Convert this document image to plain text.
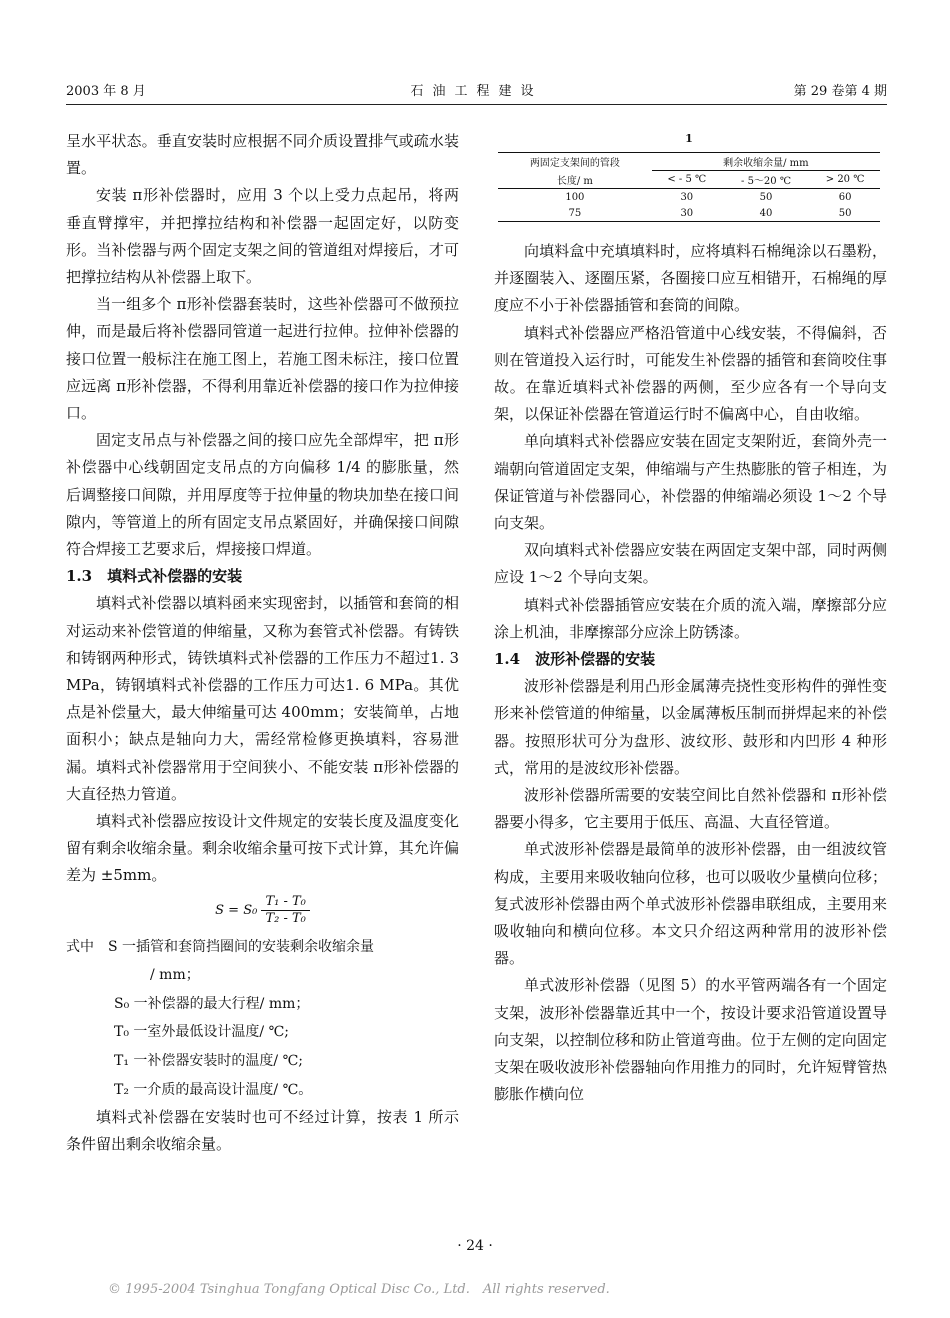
2003 年 8 月	石油工程建设	第 29 卷第 4 期

呈水平状态。垂直安装时应根据不同介质设置排气或疏水装置。

安装 п形补偿器时，应用 3 个以上受力点起吊，将两垂直臂撑牢，并把撑拉结构和补偿器一起固定好，以防变形。当补偿器与两个固定支架之间的管道组对焊接后，才可把撑拉结构从补偿器上取下。

当一组多个 п形补偿器套装时，这些补偿器可不做预拉伸，而是最后将补偿器同管道一起进行拉伸。拉伸补偿器的接口位置一般标注在施工图上，若施工图未标注，接口位置应远离 п形补偿器，不得利用靠近补偿器的接口作为拉伸接口。

固定支吊点与补偿器之间的接口应先全部焊牢，把 п形补偿器中心线朝固定支吊点的方向偏移 1/4 的膨胀量，然后调整接口间隙，并用厚度等于拉伸量的物块加垫在接口间隙内，等管道上的所有固定支吊点紧固好，并确保接口间隙符合焊接工艺要求后，焊接接口焊道。

1.3　填料式补偿器的安装

填料式补偿器以填料函来实现密封，以插管和套筒的相对运动来补偿管道的伸缩量，又称为套管式补偿器。有铸铁和铸钢两种形式，铸铁填料式补偿器的工作压力不超过1. 3 MPa，铸钢填料式补偿器的工作压力可达1. 6 MPa。其优点是补偿量大，最大伸缩量可达 400mm；安装简单，占地面积小；缺点是轴向力大，需经常检修更换填料，容易泄漏。填料式补偿器常用于空间狭小、不能安装 п形补偿器的大直径热力管道。

填料式补偿器应按设计文件规定的安装长度及温度变化留有剩余收缩余量。剩余收缩余量可按下式计算，其允许偏差为 ±5mm。

$S = S_0 \frac{\text{T₁ - T₀}}{\text{T₂ - T₀}}$
式中　S 一插管和套筒挡圈间的安装剩余收缩余量
/ mm；
S₀ 一补偿器的最大行程/ mm；
T₀ 一室外最低设计温度/ ℃;
T₁ 一补偿器安装时的温度/ ℃;
T₂ 一介质的最高设计温度/ ℃。

填料式补偿器在安装时也可不经过计算，按表 1 所示条件留出剩余收缩余量。

1
两固定支架间的管段	剩余收缩余量/ mm		
长度/ m	< - 5 ℃	- 5～20 ℃	> 20 ℃
100	30	50	60
75	30	40	50

向填料盒中充填填料时，应将填料石棉绳涂以石墨粉，并逐圈装入、逐圈压紧，各圈接口应互相错开，石棉绳的厚度应不小于补偿器插管和套筒的间隙。

填料式补偿器应严格沿管道中心线安装，不得偏斜，否则在管道投入运行时，可能发生补偿器的插管和套筒咬住事故。在靠近填料式补偿器的两侧，至少应各有一个导向支架，以保证补偿器在管道运行时不偏离中心，自由收缩。

单向填料式补偿器应安装在固定支架附近，套筒外壳一端朝向管道固定支架，伸缩端与产生热膨胀的管子相连，为保证管道与补偿器同心，补偿器的伸缩端必须设 1～2 个导向支架。

双向填料式补偿器应安装在两固定支架中部，同时两侧应设 1～2 个导向支架。

填料式补偿器插管应安装在介质的流入端，摩擦部分应涂上机油，非摩擦部分应涂上防锈漆。

1.4　波形补偿器的安装

波形补偿器是利用凸形金属薄壳挠性变形构件的弹性变形来补偿管道的伸缩量，以金属薄板压制而拼焊起来的补偿器。按照形状可分为盘形、波纹形、鼓形和内凹形 4 种形式，常用的是波纹形补偿器。

波形补偿器所需要的安装空间比自然补偿器和 п形补偿器要小得多，它主要用于低压、高温、大直径管道。

单式波形补偿器是最简单的波形补偿器，由一组波纹管构成，主要用来吸收轴向位移，也可以吸收少量横向位移；复式波形补偿器由两个单式波形补偿器串联组成，主要用来吸收轴向和横向位移。本文只介绍这两种常用的波形补偿器。

单式波形补偿器（见图 5）的水平管两端各有一个固定支架，波形补偿器靠近其中一个，按设计要求沿管道设置导向支架，以控制位移和防止管道弯曲。位于左侧的定向固定支架在吸收波形补偿器轴向作用推力的同时，允许短臂管热膨胀作横向位

· 24 ·
© 1995-2004 Tsinghua Tongfang Optical Disc Co., Ltd.　All rights reserved.
